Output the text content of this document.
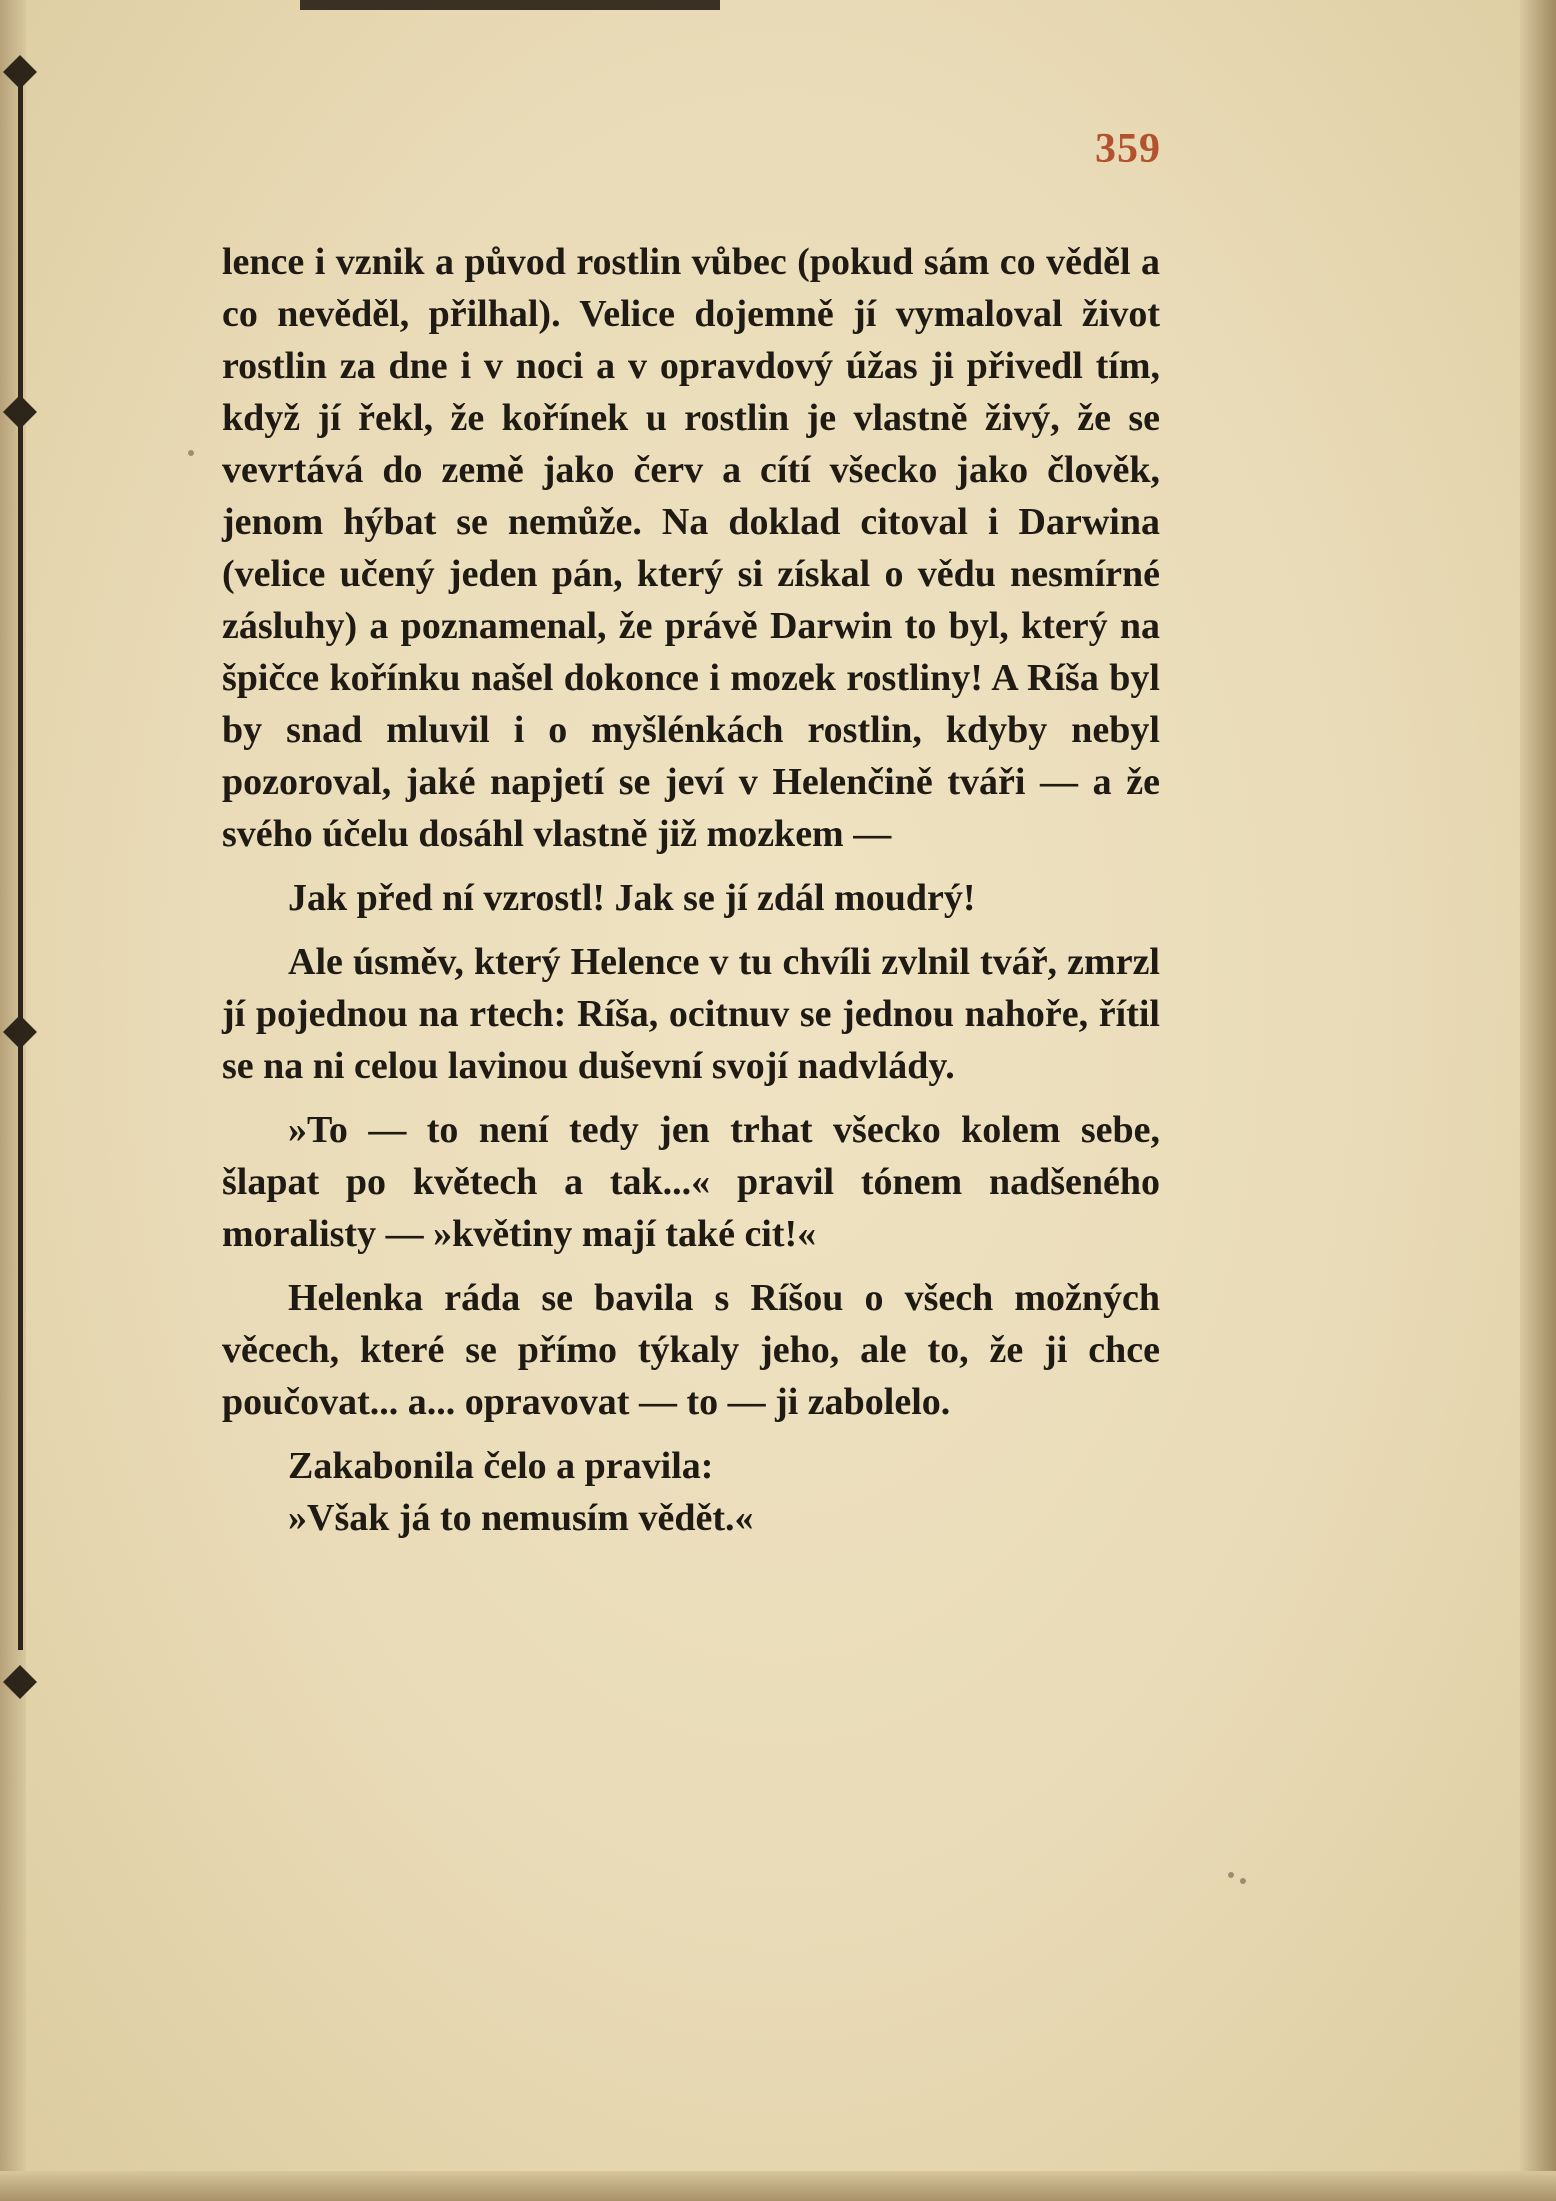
359

lence i vznik a původ rostlin vůbec (pokud sám co věděl a co nevěděl, přilhal). Velice dojemně jí vymaloval život rostlin za dne i v noci a v opravdový úžas ji přivedl tím, když jí řekl, že kořínek u rostlin je vlastně živý, že se vevrtává do země jako červ a cítí všecko jako člověk, jenom hýbat se nemůže. Na doklad citoval i Darwina (velice učený jeden pán, který si získal o vědu nesmírné zásluhy) a poznamenal, že právě Darwin to byl, který na špičce kořínku našel dokonce i mozek rostliny! A Ríša byl by snad mluvil i o myšlénkách rostlin, kdyby nebyl pozoroval, jaké napjetí se jeví v Helenčině tváři — a že svého účelu dosáhl vlastně již mozkem —

Jak před ní vzrostl! Jak se jí zdál moudrý!

Ale úsměv, který Helence v tu chvíli zvlnil tvář, zmrzl jí pojednou na rtech: Ríša, ocitnuv se jednou nahoře, řítil se na ni celou lavinou duševní svojí nadvlády.

»To — to není tedy jen trhat všecko kolem sebe, šlapat po květech a tak...« pravil tónem nadšeného moralisty — »květiny mají také cit!«

Helenka ráda se bavila s Ríšou o všech možných věcech, které se přímo týkaly jeho, ale to, že ji chce poučovat... a... opravovat — to — ji zabolelo.

Zakabonila čelo a pravila:

»Však já to nemusím vědět.«
